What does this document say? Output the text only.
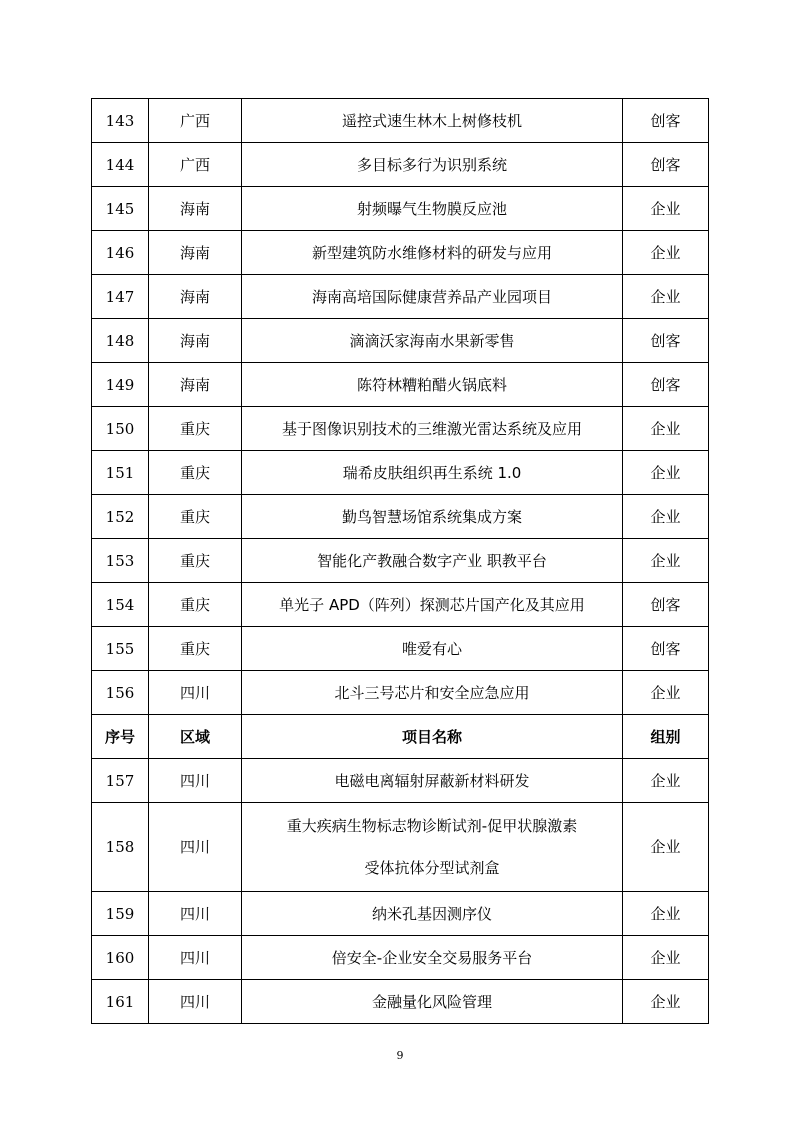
143	广西	遥控式速生林木上树修枝机	创客
144	广西	多目标多行为识别系统	创客
145	海南	射频曝气生物膜反应池	企业
146	海南	新型建筑防水维修材料的研发与应用	企业
147	海南	海南高培国际健康营养品产业园项目	企业
148	海南	滴滴沃家海南水果新零售	创客
149	海南	陈符林糟粕醋火锅底料	创客
150	重庆	基于图像识别技术的三维激光雷达系统及应用	企业
151	重庆	瑞希皮肤组织再生系统 1.0	企业
152	重庆	勤鸟智慧场馆系统集成方案	企业
153	重庆	智能化产教融合数字产业 职教平台	企业
154	重庆	单光子 APD（阵列）探测芯片国产化及其应用	创客
155	重庆	唯爱有心	创客
156	四川	北斗三号芯片和安全应急应用	企业
序号	区域	项目名称	组别
157	四川	电磁电离辐射屏蔽新材料研发	企业
158	四川	重大疾病生物标志物诊断试剂-促甲状腺激素
受体抗体分型试剂盒	企业
159	四川	纳米孔基因测序仪	企业
160	四川	倍安全-企业安全交易服务平台	企业
161	四川	金融量化风险管理	企业
9
